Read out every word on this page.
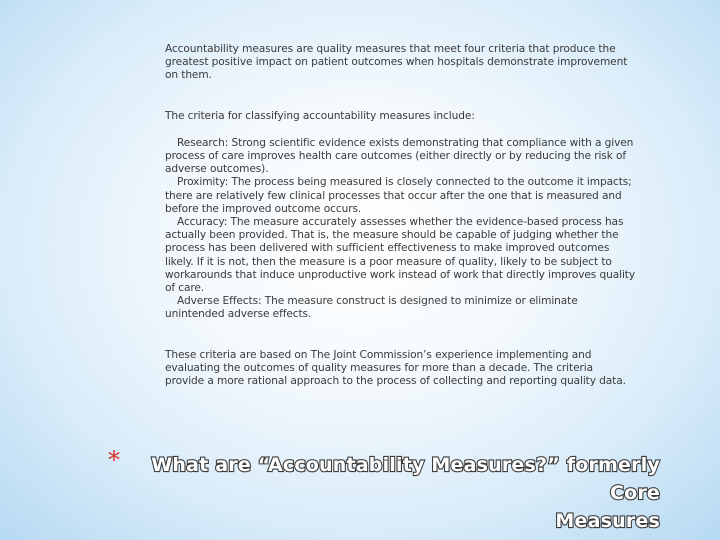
Accountability measures are quality measures that meet four criteria that produce the greatest positive impact on patient outcomes when hospitals demonstrate improvement on them.

The criteria for classifying accountability measures include:

Research: Strong scientific evidence exists demonstrating that compliance with a given process of care improves health care outcomes (either directly or by reducing the risk of adverse outcomes).

Proximity: The process being measured is closely connected to the outcome it impacts; there are relatively few clinical processes that occur after the one that is measured and before the improved outcome occurs.

Accuracy: The measure accurately assesses whether the evidence-based process has actually been provided. That is, the measure should be capable of judging whether the process has been delivered with sufficient effectiveness to make improved outcomes likely. If it is not, then the measure is a poor measure of quality, likely to be subject to workarounds that induce unproductive work instead of work that directly improves quality of care.

Adverse Effects: The measure construct is designed to minimize or eliminate unintended adverse effects.

These criteria are based on The Joint Commission’s experience implementing and evaluating the outcomes of quality measures for more than a decade. The criteria provide a more rational approach to the process of collecting and reporting quality data.

*	What are “Accountability Measures?” formerly Core
Measures
